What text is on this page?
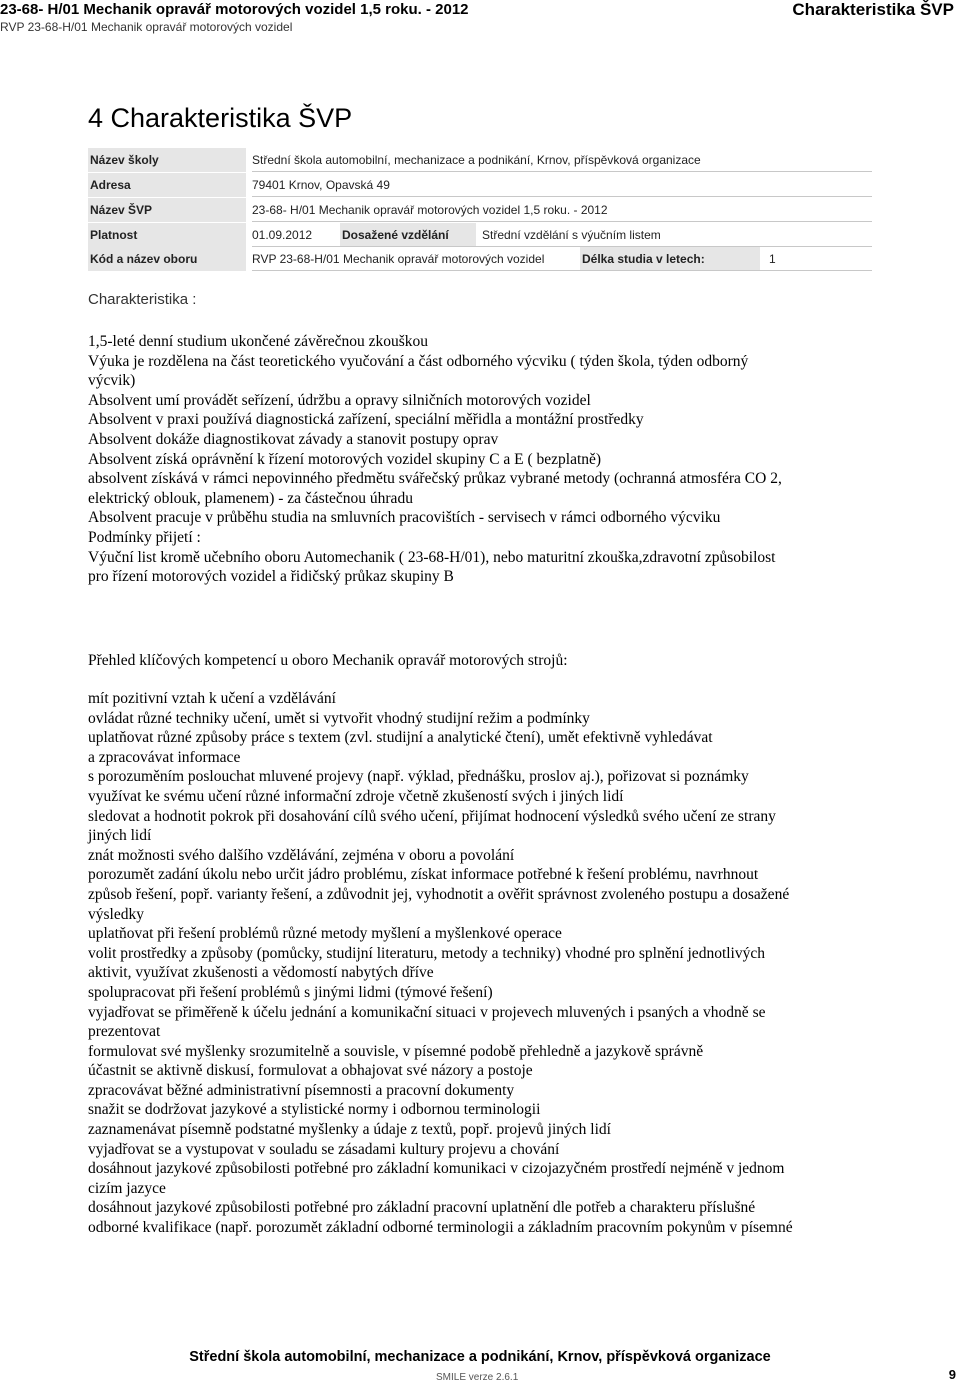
23-68- H/01 Mechanik opravář motorových vozidel 1,5 roku. - 2012
RVP 23-68-H/01 Mechanik opravář motorových vozidel
Charakteristika ŠVP
4 Charakteristika ŠVP
Název školy	Střední škola automobilní, mechanizace a podnikání, Krnov, příspěvková organizace
Adresa	79401 Krnov, Opavská 49
Název ŠVP	23-68- H/01 Mechanik opravář motorových vozidel 1,5 roku. - 2012
Platnost	01.09.2012 Dosažené vzdělání	Střední vzdělání s výučním listem
Kód a název oboru	RVP 23-68-H/01 Mechanik opravář motorových vozidel	Délka studia v letech:	1
Charakteristika :
1,5-leté denní studium ukončené závěrečnou zkouškou
Výuka je rozdělena na část teoretického vyučování a část odborného výcviku ( týden škola, týden odborný
výcvik)
Absolvent umí provádět seřízení, údržbu a opravy silničních motorových vozidel
Absolvent v praxi používá diagnostická zařízení, speciální měřidla a montážní prostředky
Absolvent dokáže diagnostikovat závady a stanovit postupy oprav
Absolvent získá oprávnění k řízení motorových vozidel skupiny C a E ( bezplatně)
absolvent získává v rámci nepovinného předmětu svářečský průkaz vybrané metody (ochranná atmosféra CO 2,
elektrický oblouk, plamenem) - za částečnou úhradu
Absolvent pracuje v průběhu studia na smluvních pracovištích - servisech v rámci odborného výcviku
Podmínky přijetí :
Výuční list kromě učebního oboru Automechanik ( 23-68-H/01), nebo maturitní zkouška,zdravotní způsobilost
pro řízení motorových vozidel a řidičský průkaz skupiny B
Přehled klíčových kompetencí u oboro Mechanik opravář motorových strojů:
mít pozitivní vztah k učení a vzdělávání
ovládat různé techniky učení, umět si vytvořit vhodný studijní režim a podmínky
uplatňovat různé způsoby práce s textem (zvl. studijní a analytické čtení), umět efektivně vyhledávat
a zpracovávat informace
s porozuměním poslouchat mluvené projevy (např. výklad, přednášku, proslov aj.), pořizovat si poznámky
využívat ke svému učení různé informační zdroje včetně zkušeností svých i jiných lidí
sledovat a hodnotit pokrok při dosahování cílů svého učení, přijímat hodnocení výsledků svého učení ze strany
jiných lidí
znát možnosti svého dalšího vzdělávání, zejména v oboru a povolání
porozumět zadání úkolu nebo určit jádro problému, získat informace potřebné k řešení problému, navrhnout
způsob řešení, popř. varianty řešení, a zdůvodnit jej, vyhodnotit a ověřit správnost zvoleného postupu a dosažené
výsledky
uplatňovat při řešení problémů různé metody myšlení a myšlenkové operace
volit prostředky a způsoby (pomůcky, studijní literaturu, metody a techniky) vhodné pro splnění jednotlivých
aktivit, využívat zkušenosti a vědomostí nabytých dříve
spolupracovat při řešení problémů s jinými lidmi (týmové řešení)
vyjadřovat se přiměřeně k účelu jednání a komunikační situaci v projevech mluvených i psaných a vhodně se
prezentovat
formulovat své myšlenky srozumitelně a souvisle, v písemné podobě přehledně a jazykově správně
účastnit se aktivně diskusí, formulovat a obhajovat své názory a postoje
zpracovávat běžné administrativní písemnosti a pracovní dokumenty
snažit se dodržovat jazykové a stylistické normy i odbornou terminologii
zaznamenávat písemně podstatné myšlenky a údaje z textů, popř. projevů jiných lidí
vyjadřovat se a vystupovat v souladu se zásadami kultury projevu a chování
dosáhnout jazykové způsobilosti potřebné pro základní komunikaci v cizojazyčném prostředí nejméně v jednom
cizím jazyce
dosáhnout jazykové způsobilosti potřebné pro základní pracovní uplatnění dle potřeb a charakteru příslušné
odborné kvalifikace (např. porozumět základní odborné terminologii a základním pracovním pokynům v písemné
Střední škola automobilní, mechanizace a podnikání, Krnov, příspěvková organizace
SMILE verze 2.6.1	9
